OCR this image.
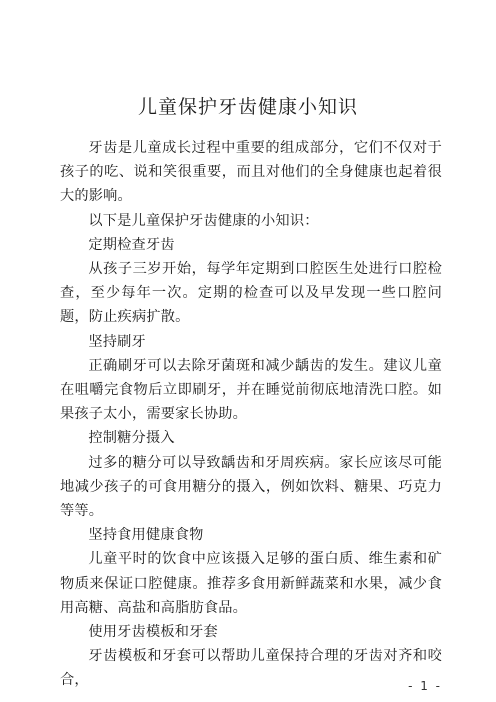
儿童保护牙齿健康小知识

牙齿是儿童成长过程中重要的组成部分，它们不仅对于孩子的吃、说和笑很重要，而且对他们的全身健康也起着很大的影响。

以下是儿童保护牙齿健康的小知识：

定期检查牙齿

从孩子三岁开始，每学年定期到口腔医生处进行口腔检查，至少每年一次。定期的检查可以及早发现一些口腔问题，防止疾病扩散。

坚持刷牙

正确刷牙可以去除牙菌斑和减少龋齿的发生。建议儿童在咀嚼完食物后立即刷牙，并在睡觉前彻底地清洗口腔。如果孩子太小，需要家长协助。

控制糖分摄入

过多的糖分可以导致龋齿和牙周疾病。家长应该尽可能地减少孩子的可食用糖分的摄入，例如饮料、糖果、巧克力等等。

坚持食用健康食物

儿童平时的饮食中应该摄入足够的蛋白质、维生素和矿物质来保证口腔健康。推荐多食用新鲜蔬菜和水果，减少食用高糖、高盐和高脂肪食品。

使用牙齿模板和牙套

牙齿模板和牙套可以帮助儿童保持合理的牙齿对齐和咬合，	- 1 -
